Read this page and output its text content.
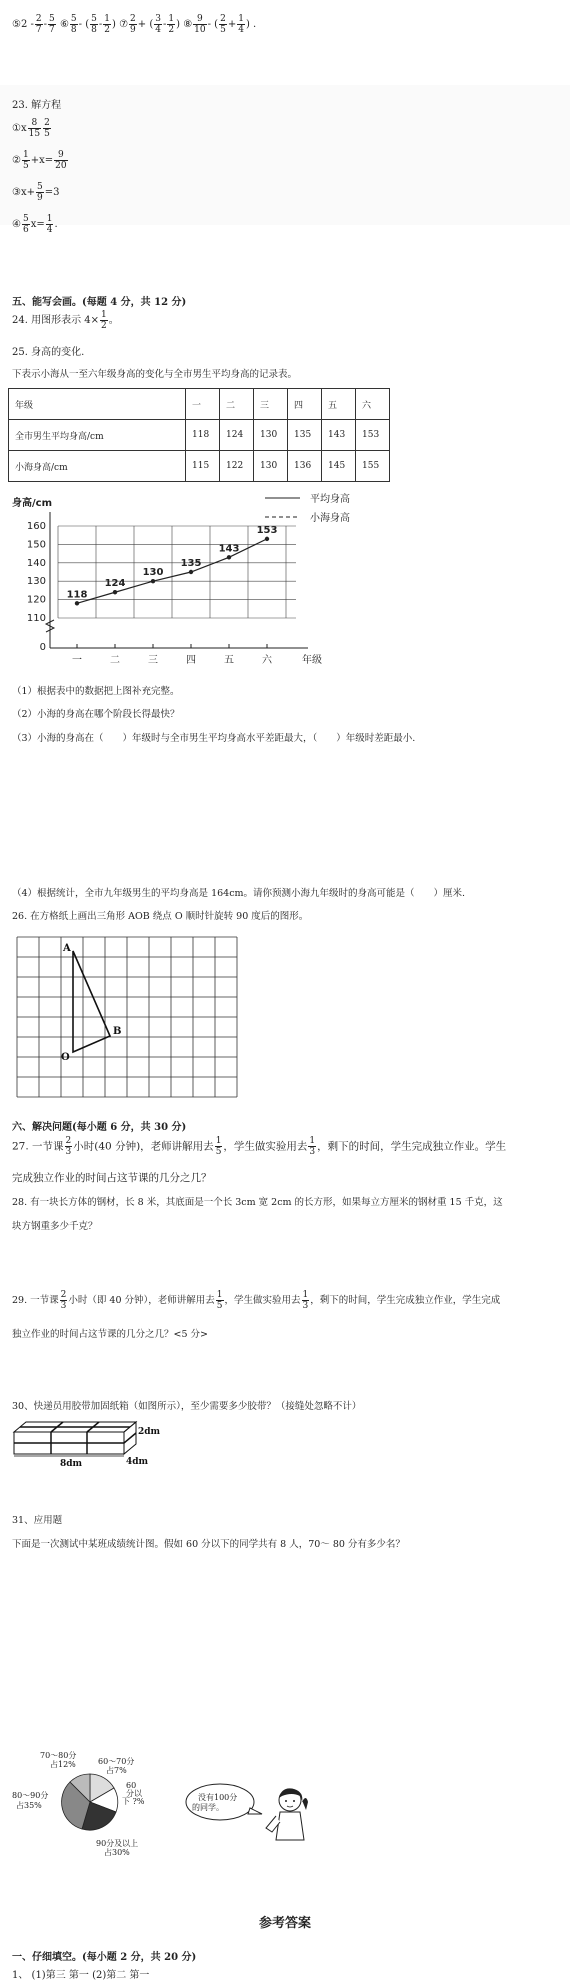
⑤2 - $\frac{2}{7} - \frac{5}{7}$ ⑥ $\frac{5}{8}$ - ( $\frac{5}{8} - \frac{1}{2}$ ) ⑦ $\frac{2}{9}$ + ( $\frac{3}{4} - \frac{1}{2}$ ) ⑧ $\frac{9}{10}$ - ( $\frac{2}{5} + \frac{1}{4}$ ) .
23. 解方程
①x $\frac{8}{15} \frac{2}{5}$
② $\frac{1}{5} +x= \frac{9}{20}$
③x+ $\frac{5}{9} =3$
④ $\frac{5}{6} x= \frac{1}{4}$ .
五、能写会画。(每题 4 分，共 12 分)
24. 用图形表示 $4\times \frac{1}{2}$ 。
25. 身高的变化.
下表示小海从一至六年级身高的变化与全市男生平均身高的记录表。
年级	一	二	三	四	五	六
全市男生平均身高/cm	118	124	130	135	143	153
小海身高/cm	115	122	130	136	145	155
身高/cm	平均身高
小海身高
0
110
120
130
140
150
160
一	二	三	四	五	六	年级
118
124
130
135
143
153
（1）根据表中的数据把上图补充完整。
（2）小海的身高在哪个阶段长得最快？
（3）小海的身高在（　　）年级时与全市男生平均身高水平差距最大，（　　）年级时差距最小.
（4）根据统计，全市九年级男生的平均身高是 164cm。请你预测小海九年级时的身高可能是（　　）厘米.
26. 在方格纸上画出三角形 AOB 绕点 O 顺时针旋转 90 度后的图形。
A
B
O
六、解决问题(每小题 6 分，共 30 分)
27. 一节课 $\frac{2}{3}$ 小时(40 分钟)，老师讲解用去 $\frac{1}{5}$ ，学生做实验用去 $\frac{1}{3}$ ，剩下的时间，学生完成独立作业。学生
完成独立作业的时间占这节课的几分之几？
28. 有一块长方体的钢材，长 8 米，其底面是一个长 3cm 宽 2cm 的长方形，如果每立方厘米的钢材重 15 千克，这
块方钢重多少千克？
29. 一节课 $\frac{2}{3}$ 小时（即 40 分钟），老师讲解用去 $\frac{1}{5}$ ，学生做实验用去 $\frac{1}{3}$ ，剩下的时间，学生完成独立作业，学生完成
独立作业的时间占这节课的几分之几？<5 分>
30、快递员用胶带加固纸箱（如图所示），至少需要多少胶带？（接缝处忽略不计）
2dm
4dm
8dm
31、应用题
下面是一次测试中某班成绩统计图。假如 60 分以下的同学共有 8 人，70～ 80 分有多少名？
70～80分
占12%	60～70分
占7%
60
分以
下 ?%
80～90分
占35%
90分及以上
占30%
没有100分
的同学。
参考答案
一、仔细填空。(每小题 2 分，共 20 分)
1、 (1)第三 第一 (2)第二 第一
